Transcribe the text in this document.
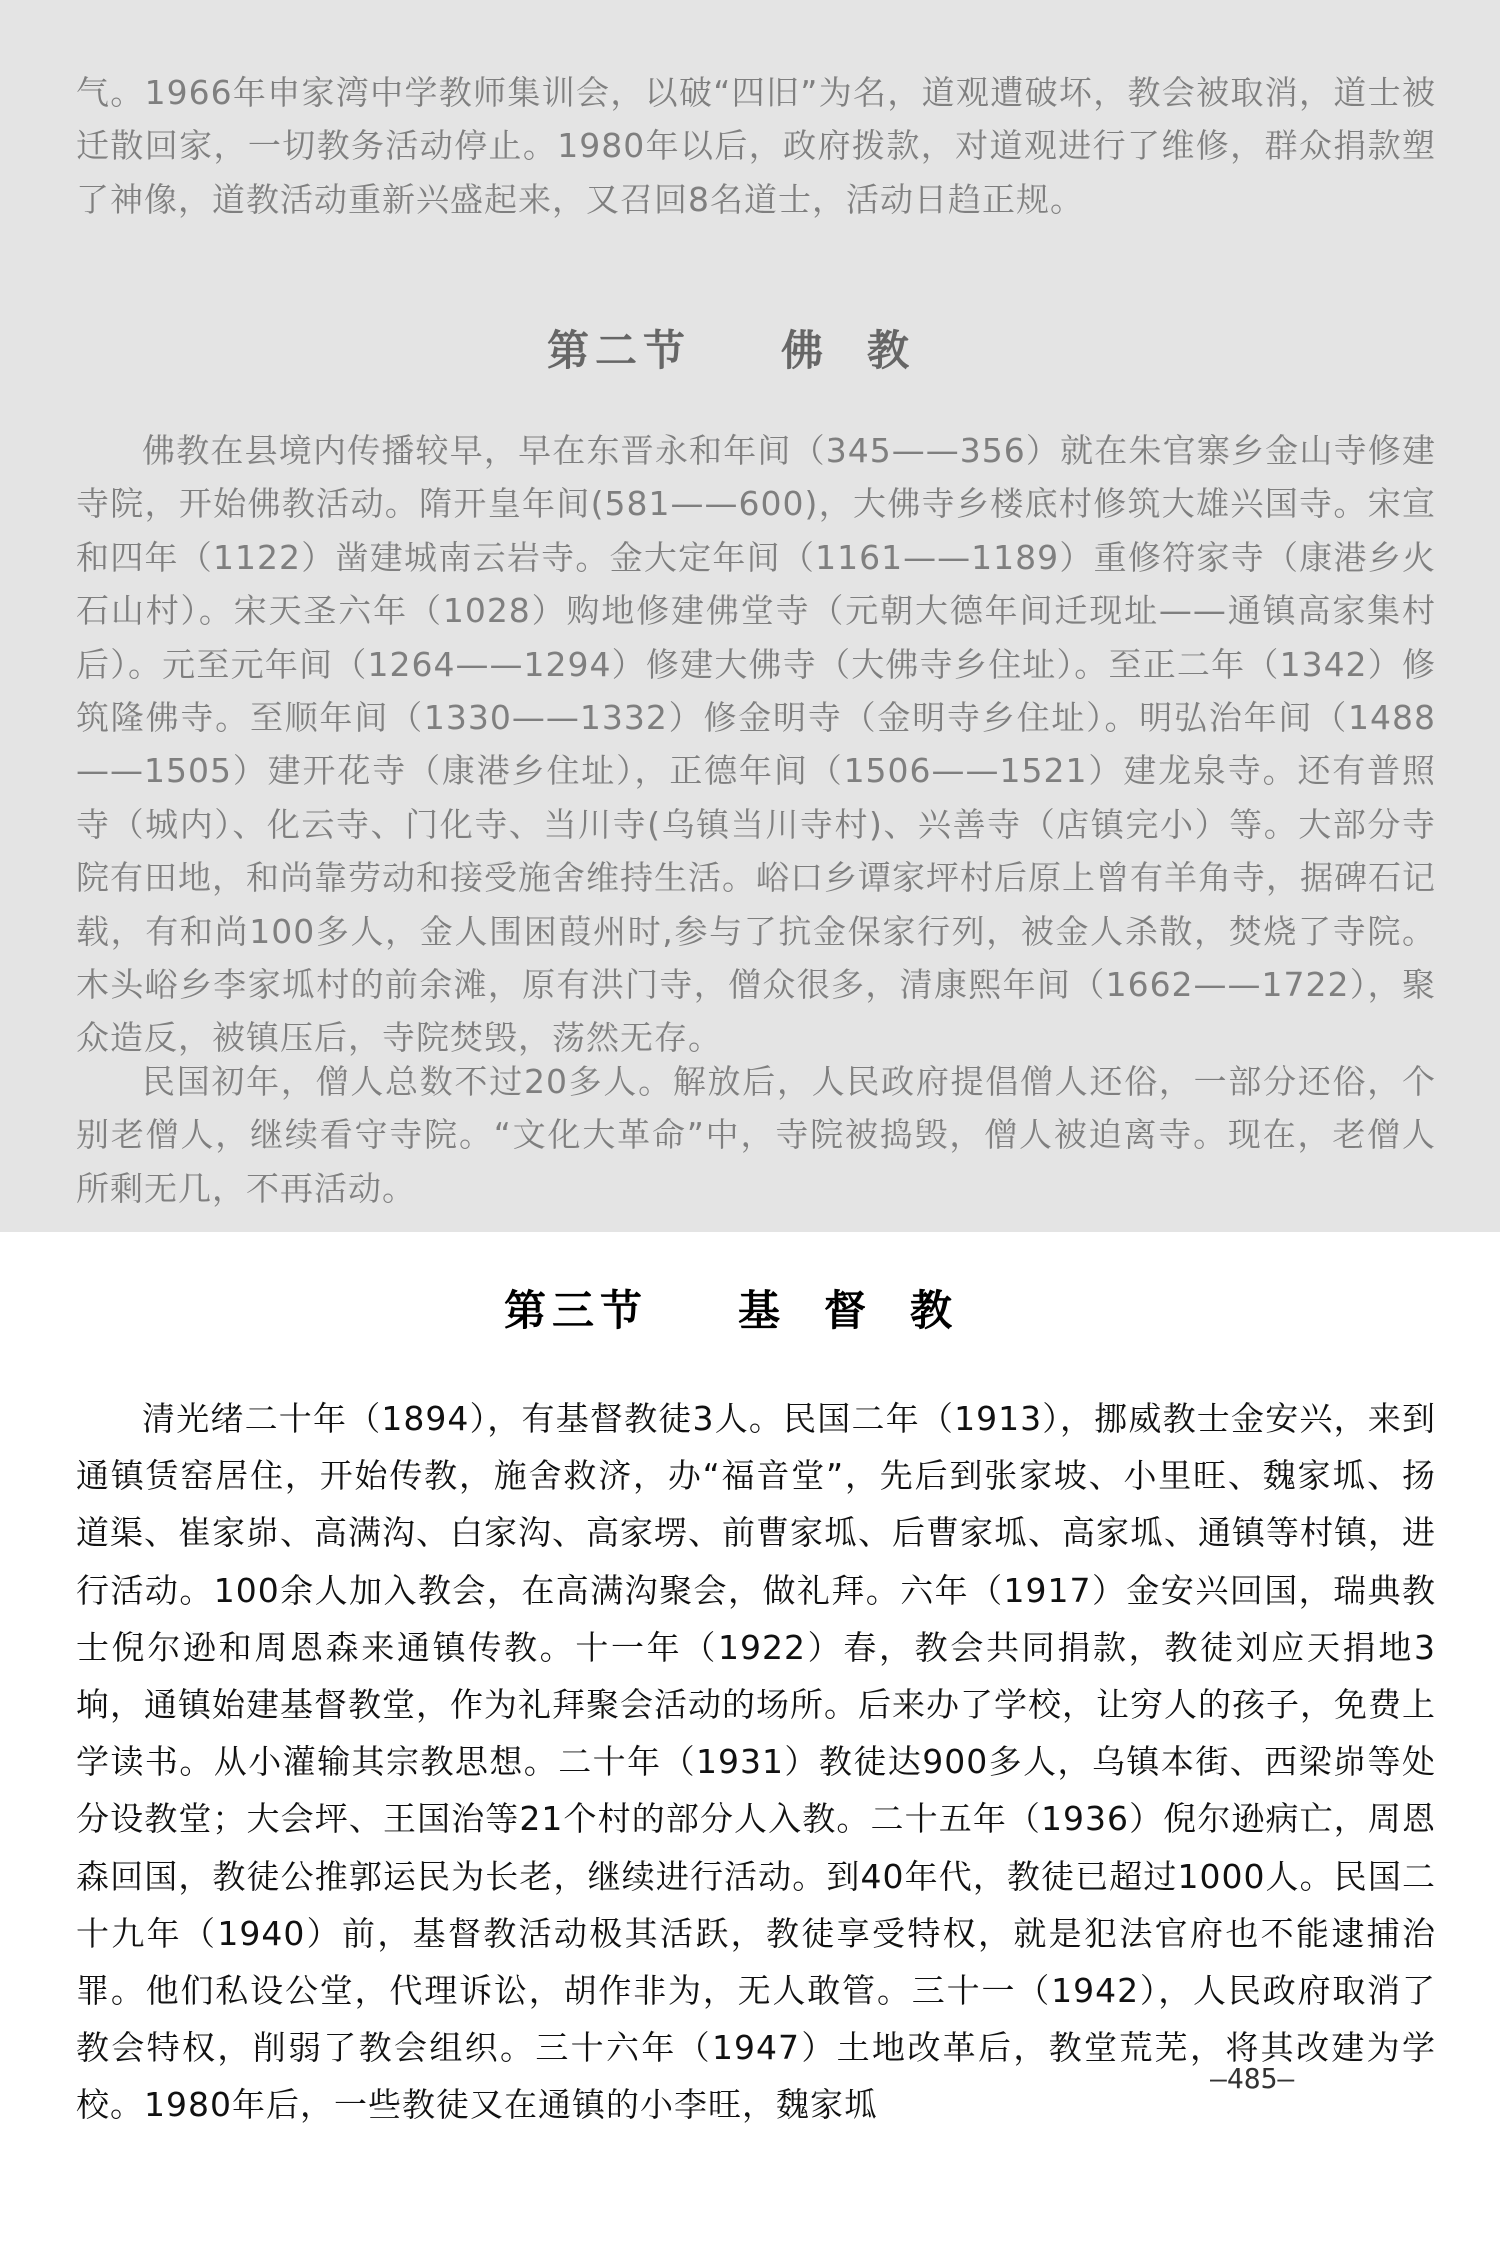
气。1966年申家湾中学教师集训会，以破“四旧”为名，道观遭破坏，教会被取消，道士被迁散回家，一切教务活动停止。1980年以后，政府拨款，对道观进行了维修，群众捐款塑了神像，道教活动重新兴盛起来，又召回8名道士，活动日趋正规。

第二节 佛教

佛教在县境内传播较早，早在东晋永和年间（345——356）就在朱官寨乡金山寺修建寺院，开始佛教活动。隋开皇年间(581——600)，大佛寺乡楼底村修筑大雄兴国寺。宋宣和四年（1122）凿建城南云岩寺。金大定年间（1161——1189）重修符家寺（康港乡火石山村）。宋天圣六年（1028）购地修建佛堂寺（元朝大德年间迁现址——通镇高家集村后）。元至元年间（1264——1294）修建大佛寺（大佛寺乡住址）。至正二年（1342）修筑隆佛寺。至顺年间（1330——1332）修金明寺（金明寺乡住址）。明弘治年间（1488——1505）建开花寺（康港乡住址），正德年间（1506——1521）建龙泉寺。还有普照寺（城内）、化云寺、门化寺、当川寺(乌镇当川寺村)、兴善寺（店镇完小）等。大部分寺院有田地，和尚靠劳动和接受施舍维持生活。峪口乡谭家坪村后原上曾有羊角寺，据碑石记载，有和尚100多人，金人围困葭州时,参与了抗金保家行列，被金人杀散，焚烧了寺院。木头峪乡李家坬村的前余滩，原有洪门寺，僧众很多，清康熙年间（1662——1722），聚众造反，被镇压后，寺院焚毁，荡然无存。

民国初年，僧人总数不过20多人。解放后，人民政府提倡僧人还俗，一部分还俗，个别老僧人，继续看守寺院。“文化大革命”中，寺院被捣毁，僧人被迫离寺。现在，老僧人所剩无几，不再活动。

第三节 基督教

清光绪二十年（1894），有基督教徒3人。民国二年（1913），挪威教士金安兴，来到通镇赁窑居住，开始传教，施舍救济，办“福音堂”，先后到张家坡、小里旺、魏家坬、扬道渠、崔家峁、高满沟、白家沟、高家塄、前曹家坬、后曹家坬、高家坬、通镇等村镇，进行活动。100余人加入教会，在高满沟聚会，做礼拜。六年（1917）金安兴回国，瑞典教士倪尔逊和周恩森来通镇传教。十一年（1922）春，教会共同捐款，教徒刘应天捐地3垧，通镇始建基督教堂，作为礼拜聚会活动的场所。后来办了学校，让穷人的孩子，免费上学读书。从小灌输其宗教思想。二十年（1931）教徒达900多人，乌镇本街、西梁峁等处分设教堂；大会坪、王国治等21个村的部分人入教。二十五年（1936）倪尔逊病亡，周恩森回国，教徒公推郭运民为长老，继续进行活动。到40年代，教徒已超过1000人。民国二十九年（1940）前，基督教活动极其活跃，教徒享受特权，就是犯法官府也不能逮捕治罪。他们私设公堂，代理诉讼，胡作非为，无人敢管。三十一（1942），人民政府取消了教会特权，削弱了教会组织。三十六年（1947）土地改革后，教堂荒芜，将其改建为学校。1980年后，一些教徒又在通镇的小李旺，魏家坬

—485—
